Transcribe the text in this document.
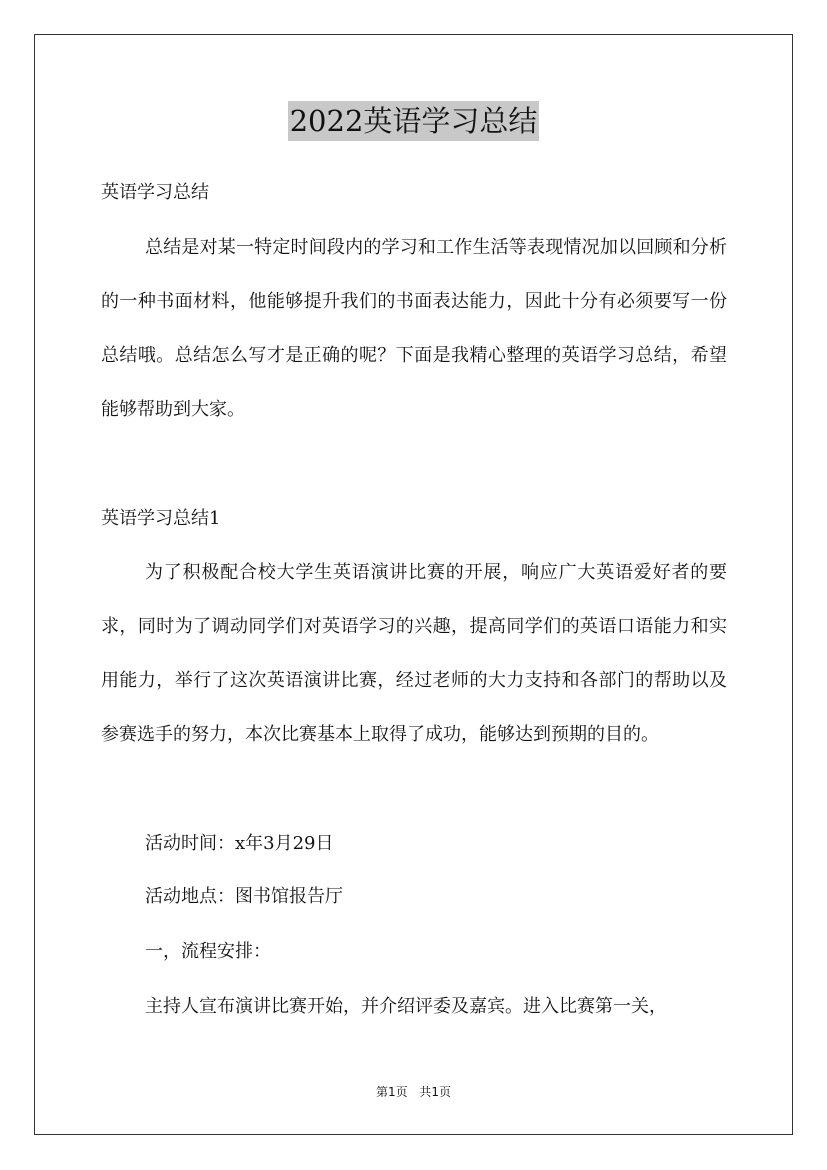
2022英语学习总结
英语学习总结

总结是对某一特定时间段内的学习和工作生活等表现情况加以回顾和分析的一种书面材料，他能够提升我们的书面表达能力，因此十分有必须要写一份总结哦。总结怎么写才是正确的呢？下面是我精心整理的英语学习总结，希望能够帮助到大家。

英语学习总结1

为了积极配合校大学生英语演讲比赛的开展，响应广大英语爱好者的要求，同时为了调动同学们对英语学习的兴趣，提高同学们的英语口语能力和实用能力，举行了这次英语演讲比赛，经过老师的大力支持和各部门的帮助以及参赛选手的努力，本次比赛基本上取得了成功，能够达到预期的目的。

活动时间：x年3月29日
活动地点：图书馆报告厅
一，流程安排：
主持人宣布演讲比赛开始，并介绍评委及嘉宾。进入比赛第一关，
第1页 共1页
